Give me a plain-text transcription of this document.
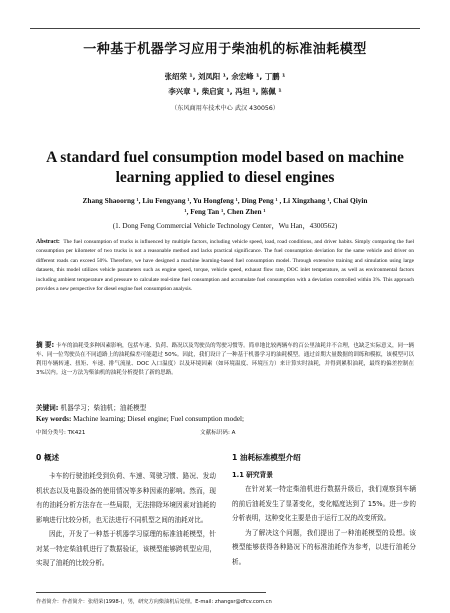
一种基于机器学习应用于柴油机的标准油耗模型
张绍荣 ¹, 刘凤阳 ¹, 余宏峰 ¹, 丁鹏 ¹
李兴章 ¹, 柴启寅 ¹, 冯坦 ¹, 陈佩 ¹
（东风商用车技术中心 武汉 430056）
A standard fuel consumption model based on machine
learning applied to diesel engines
Zhang Shaoorng ¹, Liu Fengyang ¹, Yu Hongfeng ¹, Ding Peng ¹ , Li Xingzhang ¹, Chai Qiyin
¹, Feng Tan ¹, Chen Zhen ¹
(1. Dong Feng Commercial Vehicle Technology Center，Wu Han，4300562)
Abstract: The fuel consumption of trucks is influenced by multiple factors, including vehicle speed, load, road conditions, and driver habits. Simply comparing the fuel consumption per kilometer of two trucks is not a reasonable method and lacks practical significance. The fuel consumption deviation for the same vehicle and driver on different roads can exceed 50%. Therefore, we have designed a machine learning-based fuel consumption model. Through extensive training and simulation using large datasets, this model utilizes vehicle parameters such as engine speed, torque, vehicle speed, exhaust flow rate, DOC inlet temperature, as well as environmental factors including ambient temperature and pressure to calculate real-time fuel consumption and accumulate fuel consumption with a deviation controlled within 3%. This approach provides a new perspective for diesel engine fuel consumption analysis.
摘 要: 卡车的油耗受多种因素影响，包括车速、负荷、路况以及驾驶员的驾驶习惯等。简单地比较两辆车的百公里油耗并不合理，也缺乏实际意义，同一辆车、同一位驾驶员在不同道路上的油耗偏差可能超过 50%。因此，我们设计了一种基于机器学习的油耗模型。通过首期大量数据的训练和模拟，该模型可以利用车辆转速、扭矩、车速、排气流量、DOC 入口温度）以及环境因素（如环境温度、环境压力）来计算实时油耗，并得到累积油耗，最终的偏差控制在 3%以内。这一方法为柴油机的油耗分析提供了新的思路。
关键词: 机器学习；柴油机；油耗模型
Key words: Machine learning; Diesel engine; Fuel consumption model;
中图分类号: TK421	文献标识码: A
0 概述

卡车的行驶油耗受到负荷、车速、驾驶习惯、路况、发动机状态以及电器设备的使用情况等多种因素的影响。然而，现有的油耗分析方法存在一些局限，无法排除环境因素对油耗的影响进行比较分析，也无法进行不同机型之间的油耗对比。

因此，开发了一种基于机器学习原理的标准油耗模型，针对某一特定柴油机进行了数据验证，该模型能够跨机型应用，实现了油耗的比较分析。

1 油耗标准模型介绍
1.1 研究背景

在针对某一特定柴油机进行数据升级后，我们观察到车辆的前后油耗发生了显著变化，变化幅度达到了 15%。进一步的分析表明，这种变化主要是由于运行工况的改变所致。

为了解决这个问题，我们提出了一种油耗模型的设想。该模型能够获得各种路况下的标准油耗作为参考，以进行油耗分析。

作者简介：作者简介：张绍荣(1998-)，男，研究方向柴油机后处理。E-mail: zhangsr@dfcv.com.cn
